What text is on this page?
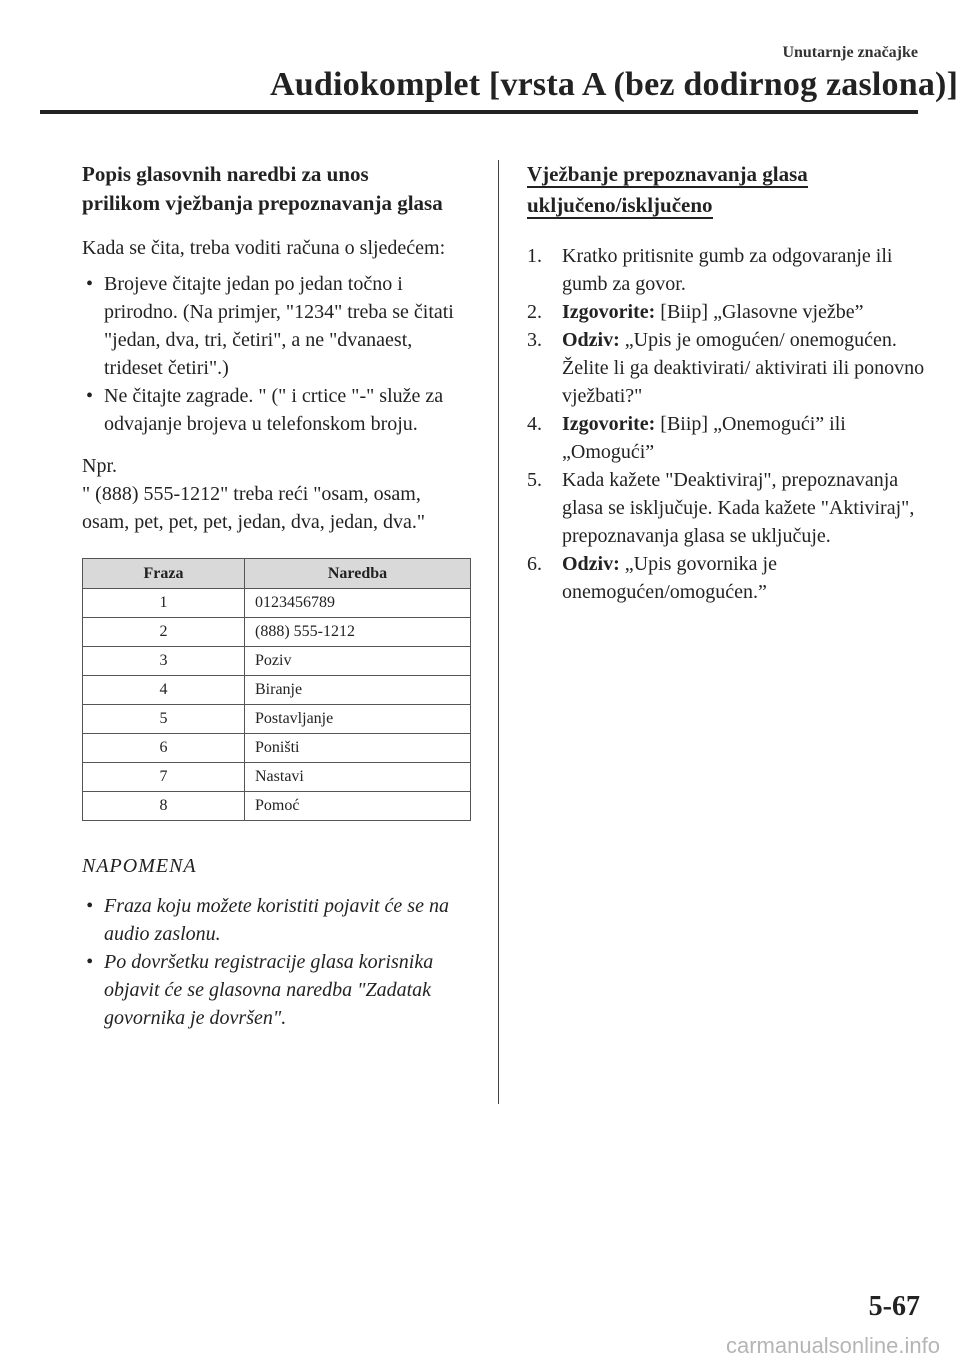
Unutarnje značajke
Audiokomplet [vrsta A (bez dodirnog zaslona)]
Popis glasovnih naredbi za unos
prilikom vježbanja prepoznavanja glasa
Kada se čita, treba voditi računa o sljedećem:
• Brojeve čitajte jedan po jedan točno i prirodno. (Na primjer, "1234" treba se čitati "jedan, dva, tri, četiri", a ne "dvanaest, trideset četiri".)
• Ne čitajte zagrade. " (" i crtice "-" služe za odvajanje brojeva u telefonskom broju.
Npr.
" (888) 555-1212" treba reći "osam, osam, osam, pet, pet, pet, jedan, dva, jedan, dva."
Fraza	Naredba
1	0123456789
2	(888) 555-1212
3	Poziv
4	Biranje
5	Postavljanje
6	Poništi
7	Nastavi
8	Pomoć
NAPOMENA
• Fraza koju možete koristiti pojavit će se na audio zaslonu.
• Po dovršetku registracije glasa korisnika objavit će se glasovna naredba "Zadatak govornika je dovršen".
Vježbanje prepoznavanja glasa
uključeno/isključeno
1. Kratko pritisnite gumb za odgovaranje ili gumb za govor.
2. Izgovorite: [Biip] „Glasovne vježbe”
3. Odziv: „Upis je omogućen/ onemogućen. Želite li ga deaktivirati/ aktivirati ili ponovno vježbati?"
4. Izgovorite: [Biip] „Onemogući” ili „Omogući”
5. Kada kažete "Deaktiviraj", prepoznavanja glasa se isključuje. Kada kažete "Aktiviraj", prepoznavanja glasa se uključuje.
6. Odziv: „Upis govornika je onemogućen/omogućen.”
5-67
carmanualsonline.info
